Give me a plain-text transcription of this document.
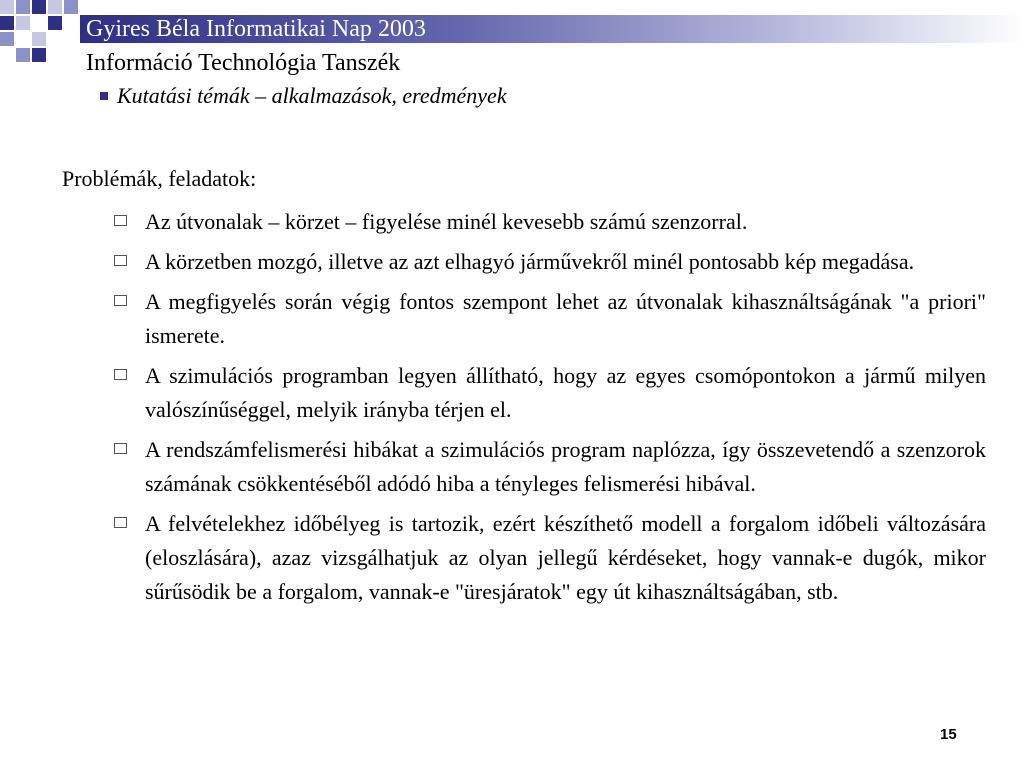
Gyires Béla Informatikai Nap 2003
Információ Technológia Tanszék
Kutatási témák – alkalmazások, eredmények
Problémák, feladatok:
Az útvonalak – körzet – figyelése minél kevesebb számú szenzorral.
A körzetben mozgó, illetve az azt elhagyó járművekről minél pontosabb kép megadása.
A megfigyelés során végig fontos szempont lehet az útvonalak kihasználtságának "a priori" ismerete.
A szimulációs programban legyen állítható, hogy az egyes csomópontokon a jármű milyen valószínűséggel, melyik irányba térjen el.
A rendszámfelismerési hibákat a szimulációs program naplózza, így összevetendő a szenzorok számának csökkentéséből adódó hiba a tényleges felismerési hibával.
A felvételekhez időbélyeg is tartozik, ezért készíthető modell a forgalom időbeli változására (eloszlására), azaz vizsgálhatjuk az olyan jellegű kérdéseket, hogy vannak-e dugók, mikor sűrűsödik be a forgalom, vannak-e "üresjáratok" egy út kihasználtságában, stb.
15
